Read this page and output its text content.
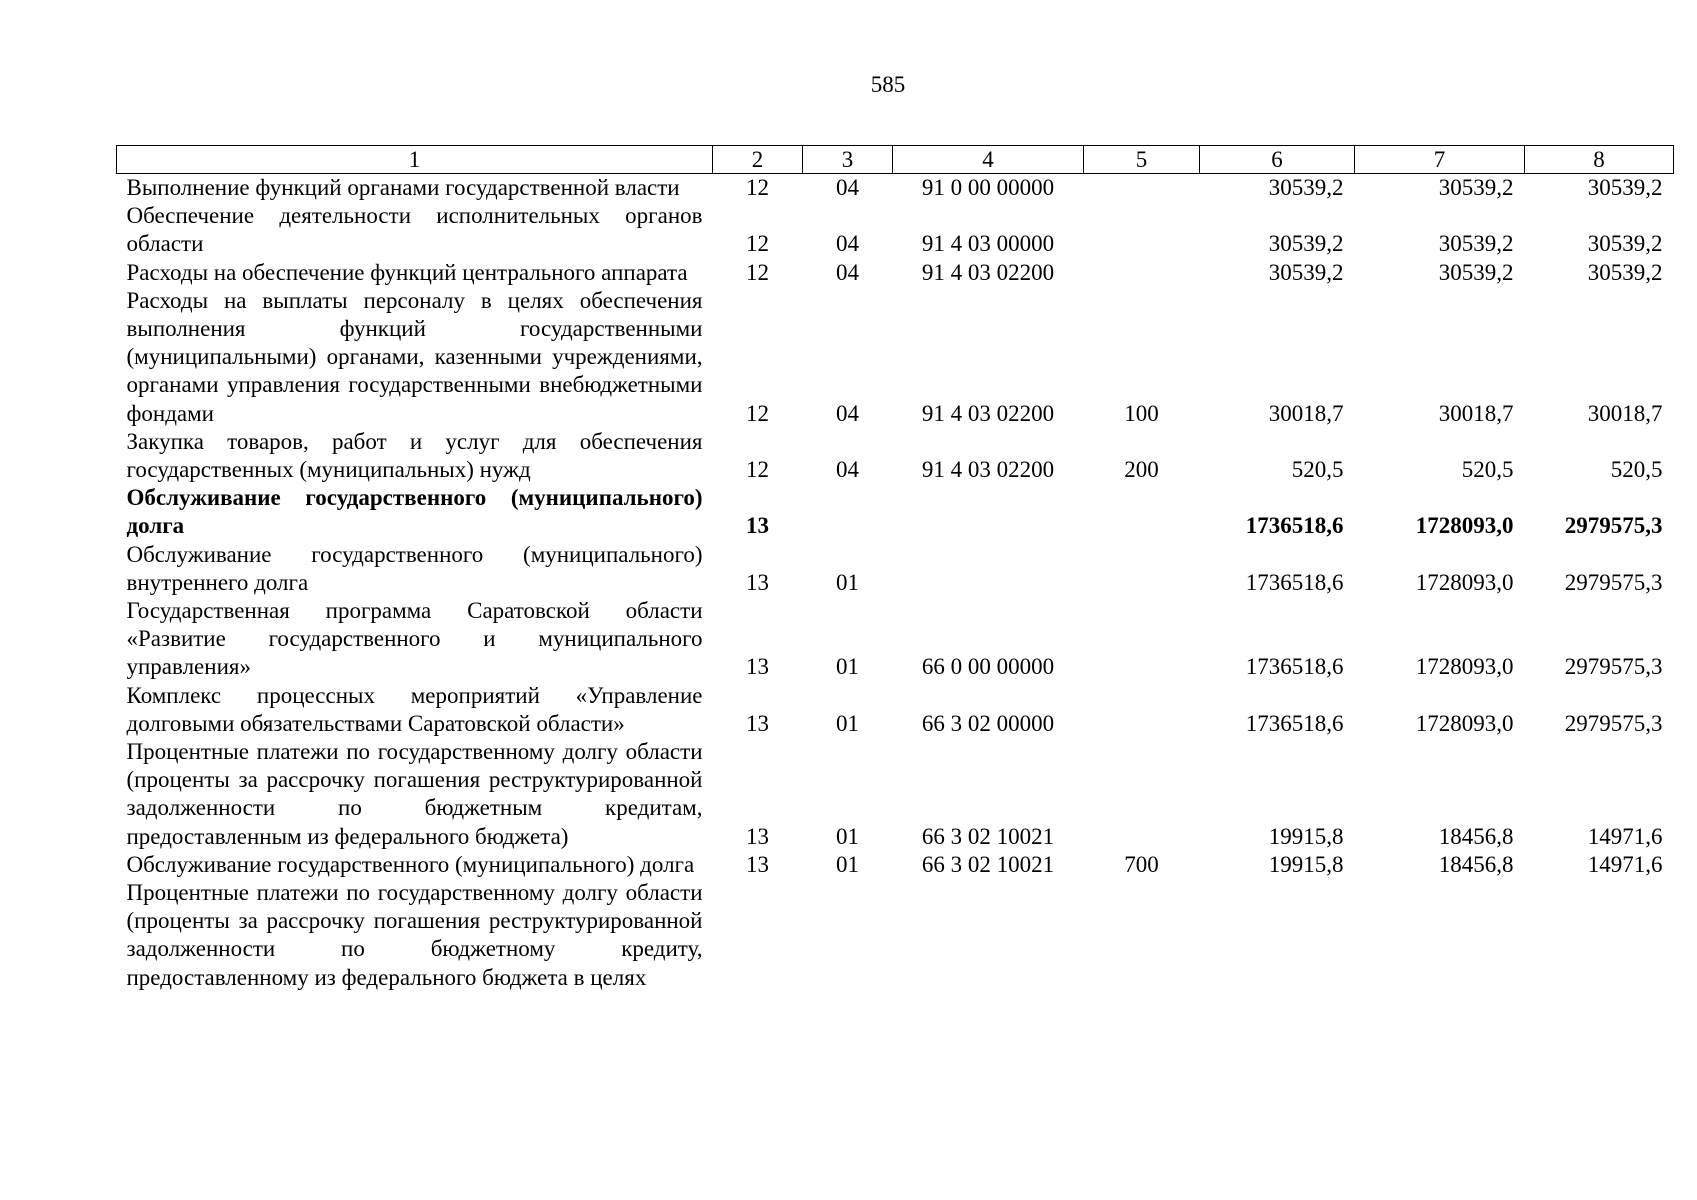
585
1	2	3	4	5	6	7	8
Выполнение функций органами государственной власти	12	04	91 0 00 00000		30539,2	30539,2	30539,2
Обеспечение деятельности исполнительных органов области	12	04	91 4 03 00000		30539,2	30539,2	30539,2
Расходы на обеспечение функций центрального аппарата	12	04	91 4 03 02200		30539,2	30539,2	30539,2
Расходы на выплаты персоналу в целях обеспечения выполнения функций государственными (муниципальными) органами, казенными учреждениями, органами управления государственными внебюджетными фондами	12	04	91 4 03 02200	100	30018,7	30018,7	30018,7
Закупка товаров, работ и услуг для обеспечения государственных (муниципальных) нужд	12	04	91 4 03 02200	200	520,5	520,5	520,5
Обслуживание государственного (муниципального) долга	13				1736518,6	1728093,0	2979575,3
Обслуживание государственного (муниципального) внутреннего долга	13	01			1736518,6	1728093,0	2979575,3
Государственная программа Саратовской области «Развитие государственного и муниципального управления»	13	01	66 0 00 00000		1736518,6	1728093,0	2979575,3
Комплекс процессных мероприятий «Управление долговыми обязательствами Саратовской области»	13	01	66 3 02 00000		1736518,6	1728093,0	2979575,3
Процентные платежи по государственному долгу области (проценты за рассрочку погашения реструктурированной задолженности по бюджетным кредитам, предоставленным из федерального бюджета)	13	01	66 3 02 10021		19915,8	18456,8	14971,6
Обслуживание государственного (муниципального) долга	13	01	66 3 02 10021	700	19915,8	18456,8	14971,6
Процентные платежи по государственному долгу области (проценты за рассрочку погашения реструктурированной задолженности по бюджетному кредиту, предоставленному из федерального бюджета в целях							
